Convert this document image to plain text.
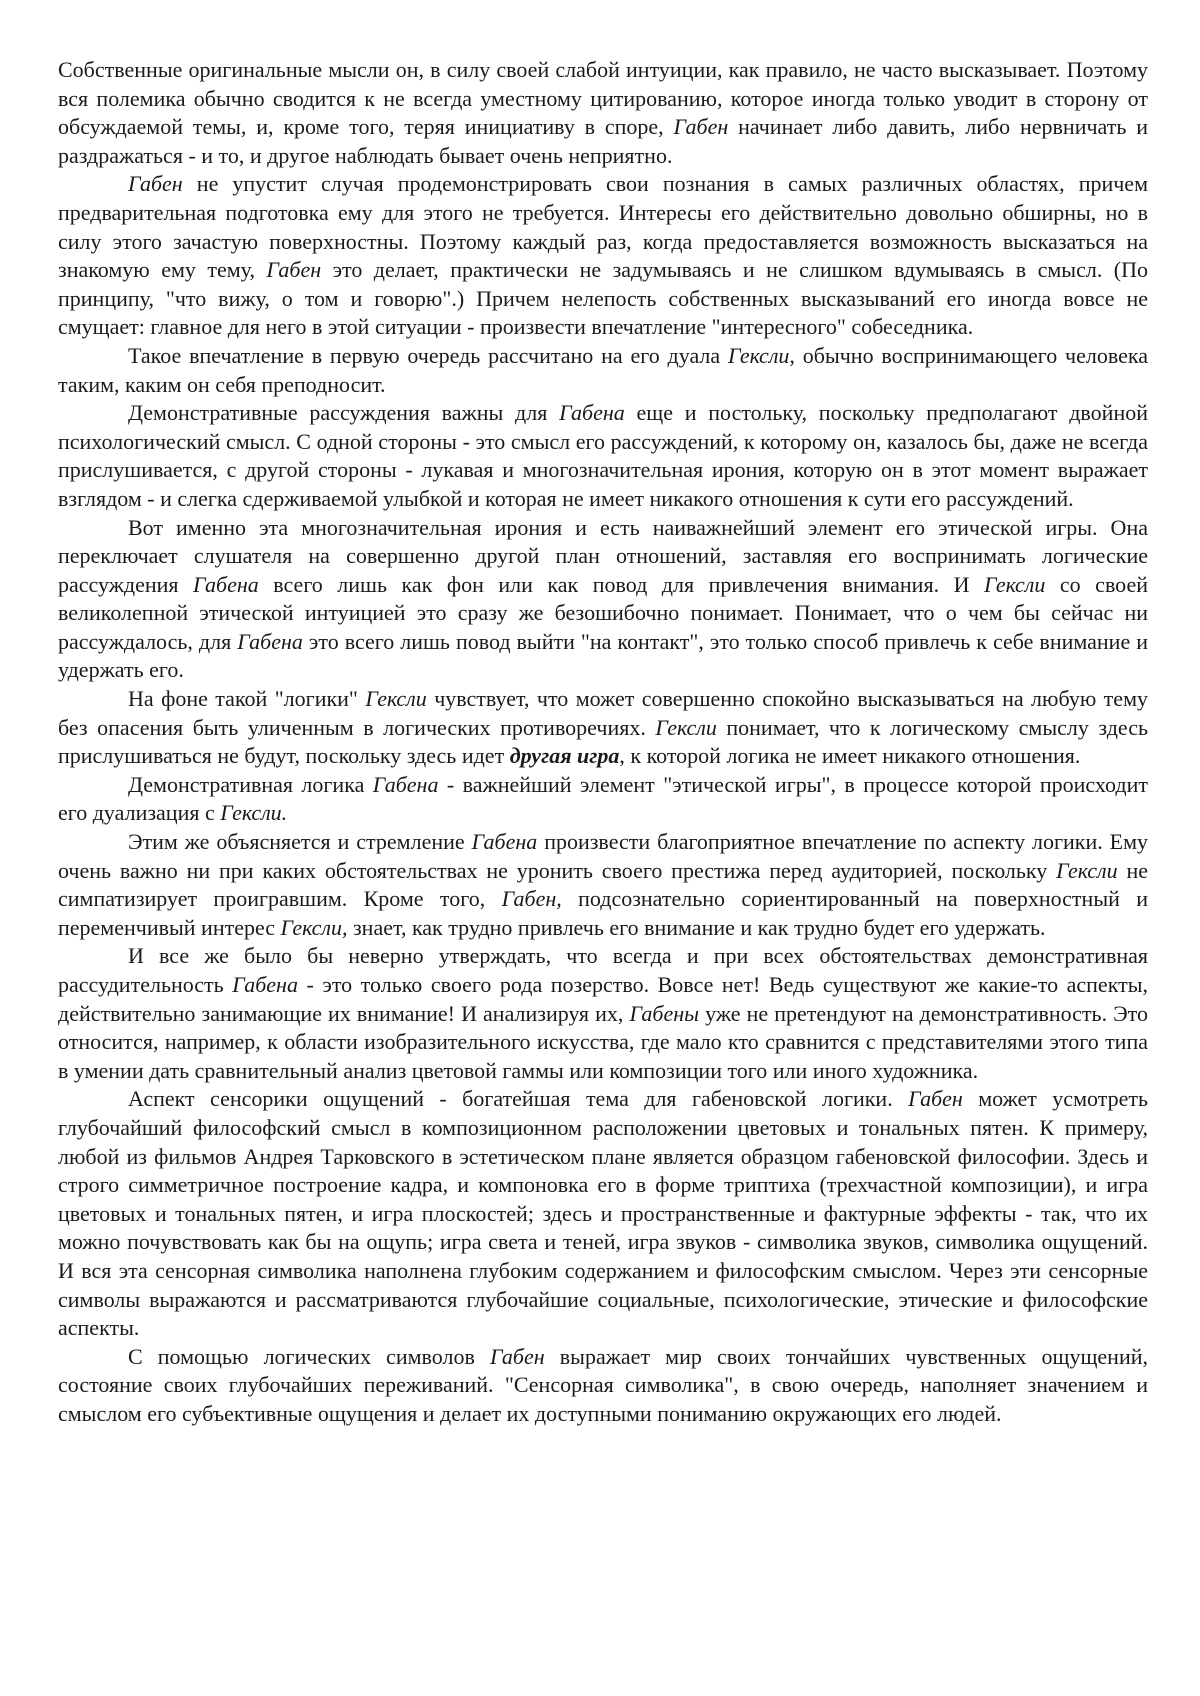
Собственные оригинальные мысли он, в силу своей слабой интуиции, как правило, не часто высказывает. Поэтому вся полемика обычно сводится к не всегда уместному цитированию, которое иногда только уводит в сторону от обсуждаемой темы, и, кроме того, теряя инициативу в споре, Габен начинает либо давить, либо нервничать и раздражаться - и то, и другое наблюдать бывает очень неприятно.

Габен не упустит случая продемонстрировать свои познания в самых различных областях, причем предварительная подготовка ему для этого не требуется. Интересы его действительно довольно обширны, но в силу этого зачастую поверхностны. Поэтому каждый раз, когда предоставляется возможность высказаться на знакомую ему тему, Габен это делает, практически не задумываясь и не слишком вдумываясь в смысл. (По принципу, "что вижу, о том и говорю".) Причем нелепость собственных высказываний его иногда вовсе не смущает: главное для него в этой ситуации - произвести впечатление "интересного" собеседника.

Такое впечатление в первую очередь рассчитано на его дуала Гексли, обычно воспринимающего человека таким, каким он себя преподносит.

Демонстративные рассуждения важны для Габена еще и постольку, поскольку предполагают двойной психологический смысл. С одной стороны - это смысл его рассуждений, к которому он, казалось бы, даже не всегда прислушивается, с другой стороны - лукавая и многозначительная ирония, которую он в этот момент выражает взглядом - и слегка сдерживаемой улыбкой и которая не имеет никакого отношения к сути его рассуждений.

Вот именно эта многозначительная ирония и есть наиважнейший элемент его этической игры. Она переключает слушателя на совершенно другой план отношений, заставляя его воспринимать логические рассуждения Габена всего лишь как фон или как повод для привлечения внимания. И Гексли со своей великолепной этической интуицией это сразу же безошибочно понимает. Понимает, что о чем бы сейчас ни рассуждалось, для Габена это всего лишь повод выйти "на контакт", это только способ привлечь к себе внимание и удержать его.

На фоне такой "логики" Гексли чувствует, что может совершенно спокойно высказываться на любую тему без опасения быть уличенным в логических противоречиях. Гексли понимает, что к логическому смыслу здесь прислушиваться не будут, поскольку здесь идет другая игра, к которой логика не имеет никакого отношения.

Демонстративная логика Габена - важнейший элемент "этической игры", в процессе которой происходит его дуализация с Гексли.

Этим же объясняется и стремление Габена произвести благоприятное впечатление по аспекту логики. Ему очень важно ни при каких обстоятельствах не уронить своего престижа перед аудиторией, поскольку Гексли не симпатизирует проигравшим. Кроме того, Габен, подсознательно сориентированный на поверхностный и переменчивый интерес Гексли, знает, как трудно привлечь его внимание и как трудно будет его удержать.

И все же было бы неверно утверждать, что всегда и при всех обстоятельствах демонстративная рассудительность Габена - это только своего рода позерство. Вовсе нет! Ведь существуют же какие-то аспекты, действительно занимающие их внимание! И анализируя их, Габены уже не претендуют на демонстративность. Это относится, например, к области изобразительного искусства, где мало кто сравнится с представителями этого типа в умении дать сравнительный анализ цветовой гаммы или композиции того или иного художника.

Аспект сенсорики ощущений - богатейшая тема для габеновской логики. Габен может усмотреть глубочайший философский смысл в композиционном расположении цветовых и тональных пятен. К примеру, любой из фильмов Андрея Тарковского в эстетическом плане является образцом габеновской философии. Здесь и строго симметричное построение кадра, и компоновка его в форме триптиха (трехчастной композиции), и игра цветовых и тональных пятен, и игра плоскостей; здесь и пространственные и фактурные эффекты - так, что их можно почувствовать как бы на ощупь; игра света и теней, игра звуков - символика звуков, символика ощущений. И вся эта сенсорная символика наполнена глубоким содержанием и философским смыслом. Через эти сенсорные символы выражаются и рассматриваются глубочайшие социальные, психологические, этические и философские аспекты.

С помощью логических символов Габен выражает мир своих тончайших чувственных ощущений, состояние своих глубочайших переживаний. "Сенсорная символика", в свою очередь, наполняет значением и смыслом его субъективные ощущения и делает их доступными пониманию окружающих его людей.
